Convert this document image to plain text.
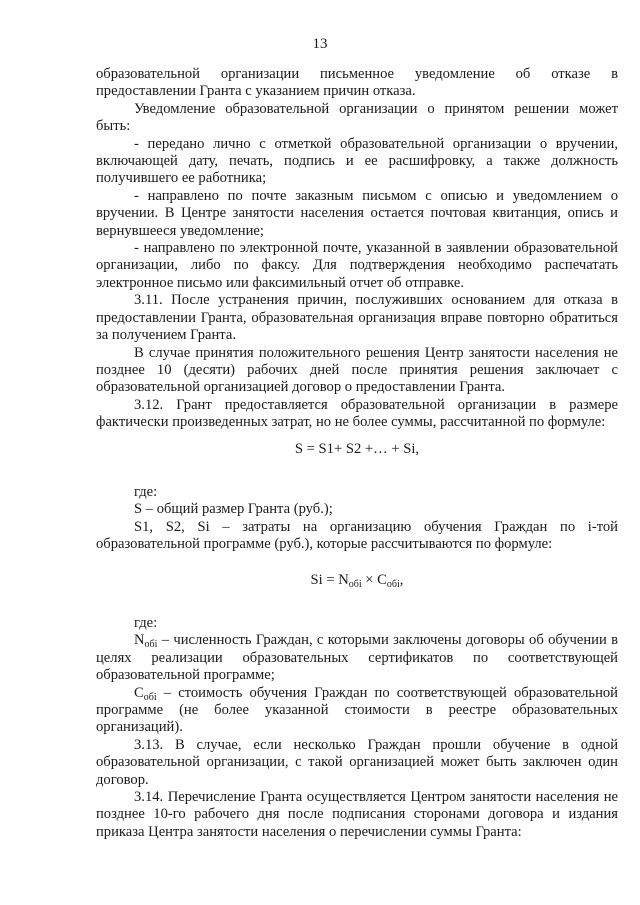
13

образовательной организации письменное уведомление об отказе в предоставлении Гранта с указанием причин отказа.

Уведомление образовательной организации о принятом решении может быть:

- передано лично с отметкой образовательной организации о вручении, включающей дату, печать, подпись и ее расшифровку, а также должность получившего ее работника;

- направлено по почте заказным письмом с описью и уведомлением о вручении. В Центре занятости населения остается почтовая квитанция, опись и вернувшееся уведомление;

- направлено по электронной почте, указанной в заявлении образовательной организации, либо по факсу. Для подтверждения необходимо распечатать электронное письмо или факсимильный отчет об отправке.

3.11. После устранения причин, послуживших основанием для отказа в предоставлении Гранта, образовательная организация вправе повторно обратиться за получением Гранта.

В случае принятия положительного решения Центр занятости населения не позднее 10 (десяти) рабочих дней после принятия решения заключает с образовательной организацией договор о предоставлении Гранта.

3.12. Грант предоставляется образовательной организации в размере фактически произведенных затрат, но не более суммы, рассчитанной по формуле:

S = S1+ S2 +… + Si,

где:

S – общий размер Гранта (руб.);

S1, S2, Si – затраты на организацию обучения Граждан по i-той образовательной программе (руб.), которые рассчитываются по формуле:

$Si = N_{обi} \times C_{обi}$,

где:

$N_{обi}$ – численность Граждан, с которыми заключены договоры об обучении в целях реализации образовательных сертификатов по соответствующей образовательной программе;

$C_{обi}$ – стоимость обучения Граждан по соответствующей образовательной программе (не более указанной стоимости в реестре образовательных организаций).

3.13. В случае, если несколько Граждан прошли обучение в одной образовательной организации, с такой организацией может быть заключен один договор.

3.14. Перечисление Гранта осуществляется Центром занятости населения не позднее 10-го рабочего дня после подписания сторонами договора и издания приказа Центра занятости населения о перечислении суммы Гранта:
